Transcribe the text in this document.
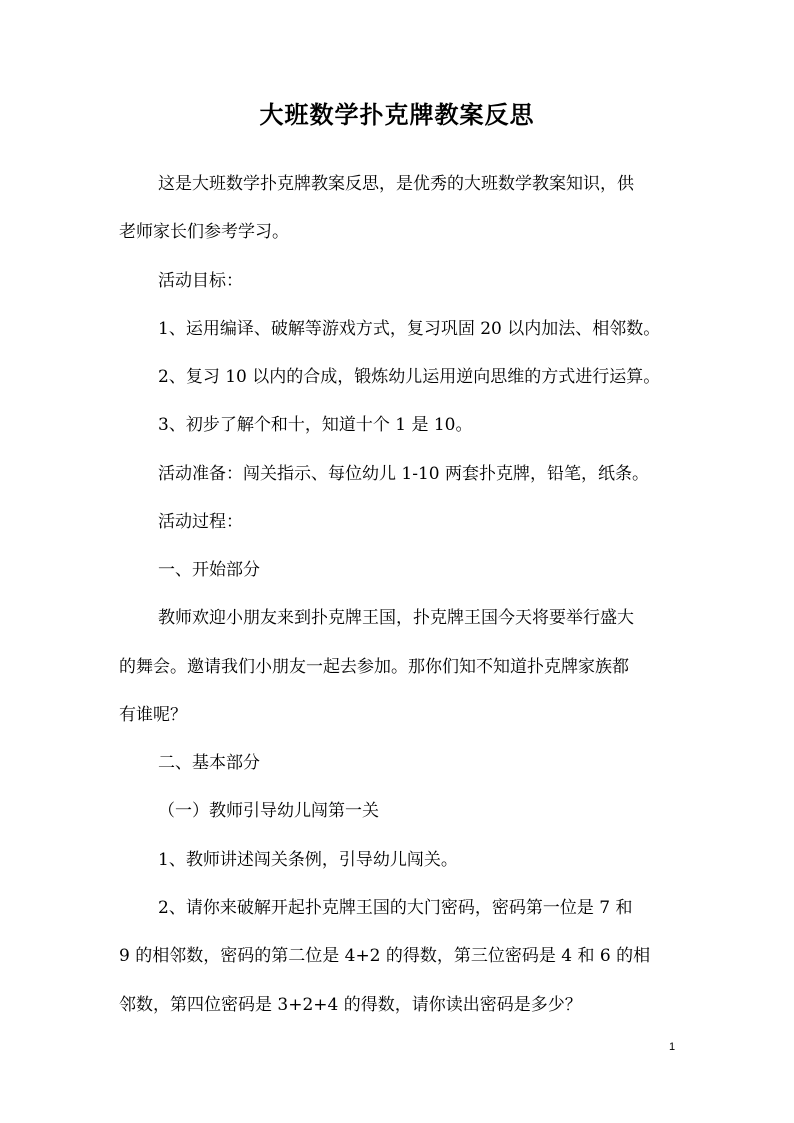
大班数学扑克牌教案反思
这是大班数学扑克牌教案反思，是优秀的大班数学教案知识，供
老师家长们参考学习。
活动目标：
1、运用编译、破解等游戏方式，复习巩固 20 以内加法、相邻数。
2、复习 10 以内的合成，锻炼幼儿运用逆向思维的方式进行运算。
3、初步了解个和十，知道十个 1 是 10。
活动准备：闯关指示、每位幼儿 1-10 两套扑克牌，铅笔，纸条。
活动过程：
一、开始部分
教师欢迎小朋友来到扑克牌王国，扑克牌王国今天将要举行盛大
的舞会。邀请我们小朋友一起去参加。那你们知不知道扑克牌家族都
有谁呢？
二、基本部分
（一）教师引导幼儿闯第一关
1、教师讲述闯关条例，引导幼儿闯关。
2、请你来破解开起扑克牌王国的大门密码，密码第一位是 7 和
9 的相邻数，密码的第二位是 4+2 的得数，第三位密码是 4 和 6 的相
邻数，第四位密码是 3+2+4 的得数，请你读出密码是多少？
1
